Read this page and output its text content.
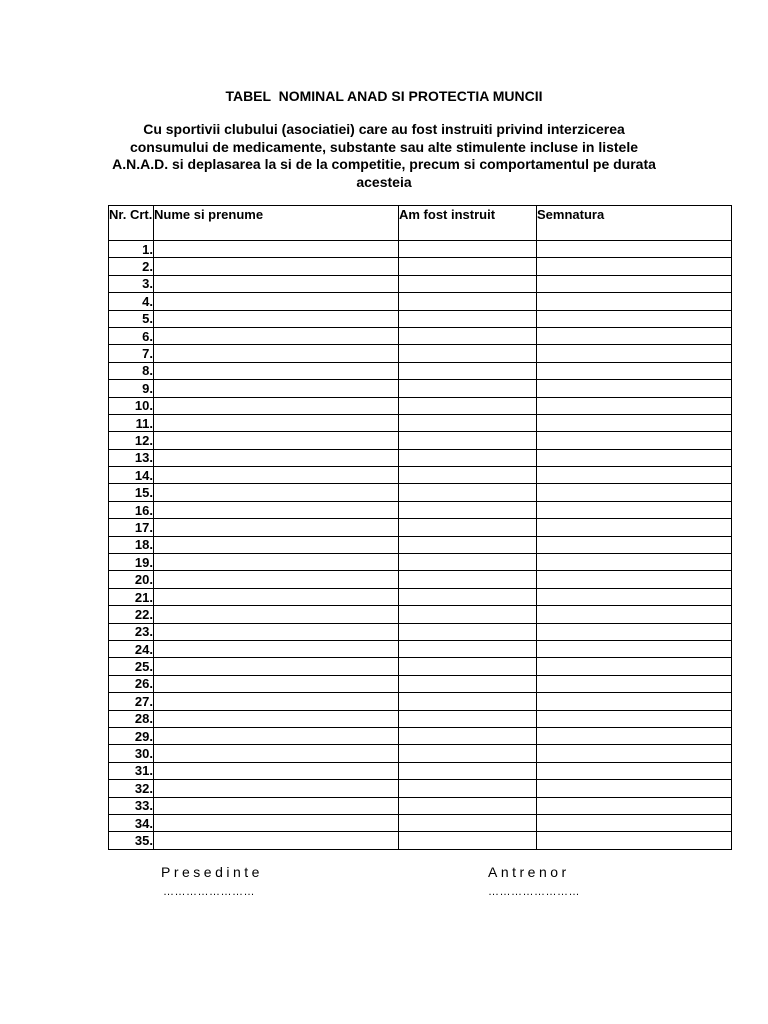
TABEL  NOMINAL ANAD SI PROTECTIA MUNCII
Cu sportivii clubului (asociatiei) care au fost instruiti privind interzicerea consumului de medicamente, substante sau alte stimulente incluse in listele A.N.A.D. si deplasarea la si de la competitie, precum si comportamentul pe durata acesteia
Nr. Crt.	Nume si prenume	Am fost instruit	Semnatura
1.			
2.			
3.			
4.			
5.			
6.			
7.			
8.			
9.			
10.			
11.			
12.			
13.			
14.			
15.			
16.			
17.			
18.			
19.			
20.			
21.			
22.			
23.			
24.			
25.			
26.			
27.			
28.			
29.			
30.			
31.			
32.			
33.			
34.			
35.			
Presedinte
……………………
Antrenor
……………………
